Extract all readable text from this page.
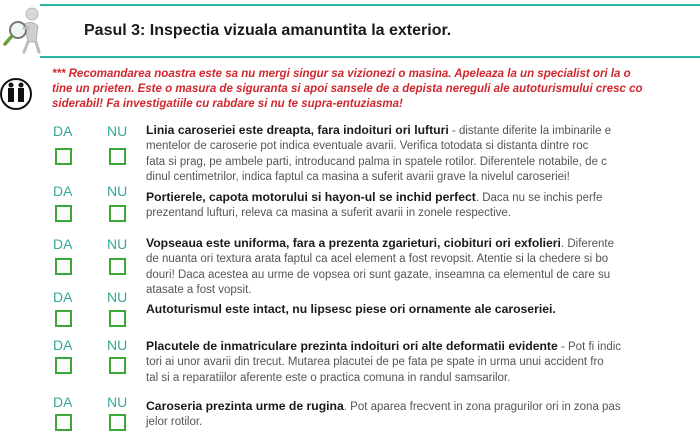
Pasul 3: Inspectia vizuala amanuntita la exterior.
*** Recomandarea noastra este sa nu mergi singur sa vizionezi o masina. Apeleaza la un specialist ori la o
tine un prieten. Este o masura de siguranta si apoi sansele de a depista nereguli ale autoturismului cresc co
siderabil! Fa investigatiile cu rabdare si nu te supra-entuziasma!
DA NU Linia caroseriei este dreapta, fara indoituri ori lufturi - distante diferite la imbinarile e
mentelor de caroserie pot indica eventuale avarii. Verifica totodata si distanta dintre roc
fata si prag, pe ambele parti, introducand palma in spatele rotilor. Diferentele notabile, de c
dinul centimetrilor, indica faptul ca masina a suferit avarii grave la nivelul caroseriei!
DA NU Portierele, capota motorului si hayon-ul se inchid perfect. Daca nu se inchis perfe
prezentand lufturi, releva ca masina a suferit avarii in zonele respective.
DA NU Vopseaua este uniforma, fara a prezenta zgarieturi, ciobituri ori exfolieri. Diferente
de nuanta ori textura arata faptul ca acel element a fost revopsit. Atentie si la chedere si bo
douri! Daca acestea au urme de vopsea ori sunt gazate, inseamna ca elementul de care su
atasate a fost vopsit.
DA NU
Autoturismul este intact, nu lipsesc piese ori ornamente ale caroseriei.
DA NU Placutele de inmatriculare prezinta indoituri ori alte deformatii evidente - Pot fi indic
tori ai unor avarii din trecut. Mutarea placutei de pe fata pe spate in urma unui accident fro
tal si a reparatiilor aferente este o practica comuna in randul samsarilor.
DA NU Caroseria prezinta urme de rugina. Pot aparea frecvent in zona pragurilor ori in zona pas
jelor rotilor.
